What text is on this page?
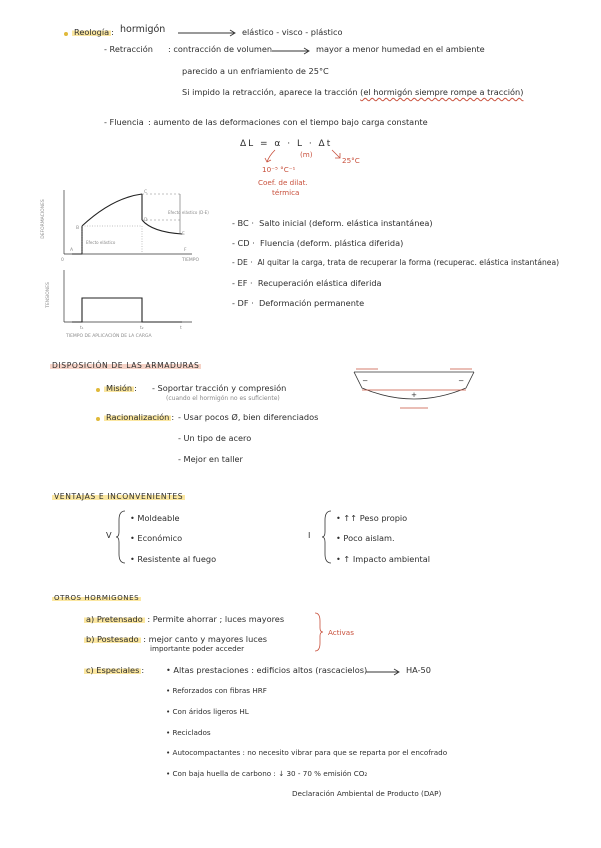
Reología : hormigón	elástico - visco - plástico
- Retracción : contracción de volumen	mayor a menor humedad en el ambiente
parecido a un enfriamiento de 25°C
Si impido la retracción, aparece la tracción (el hormigón siempre rompe a tracción)
- Fluencia : aumento de las deformaciones con el tiempo bajo carga constante
ΔL = α · L · Δt
(m)
25°C
10⁻⁵ °C⁻¹
Coef. de dilat.
térmica
DEFORMACIONES
TENSIONES
TIEMPO
TIEMPO DE APLICACIÓN DE LA CARGA
Efecto elástico (D-E)
Efecto elástico
A
B
C
D
E
F
0
t₁	t₂	t
- BC ·  Salto inicial (deform. elástica instantánea)
- CD ·  Fluencia (deform. plástica diferida)
- DE ·  Al quitar la carga, trata de recuperar la forma (recuperac. elástica instantánea)
- EF ·  Recuperación elástica diferida
- DF ·  Deformación permanente
DISPOSICIÓN DE LAS ARMADURAS
Misión : - Soportar tracción y compresión
(cuando el hormigón no es suficiente)
Racionalización : - Usar pocos Ø, bien diferenciados
- Un tipo de acero
- Mejor en taller
−	−
+
VENTAJAS E INCONVENIENTES
V
• Moldeable
• Económico
• Resistente al fuego
I
• ↑↑ Peso propio
• Poco aislam.
• ↑ Impacto ambiental
OTROS HORMIGONES
a) Pretensado : Permite ahorrar ; luces mayores
b) Postesado : mejor canto y mayores luces
importante poder acceder
Activas
c) Especiales :	• Altas prestaciones : edificios altos (rascacielos)	HA-50
• Reforzados con fibras HRF
• Con áridos ligeros HL
• Reciclados
• Autocompactantes : no necesito vibrar para que se reparta por el encofrado
• Con baja huella de carbono : ↓ 30 - 70 % emisión CO₂
Declaración Ambiental de Producto (DAP)
